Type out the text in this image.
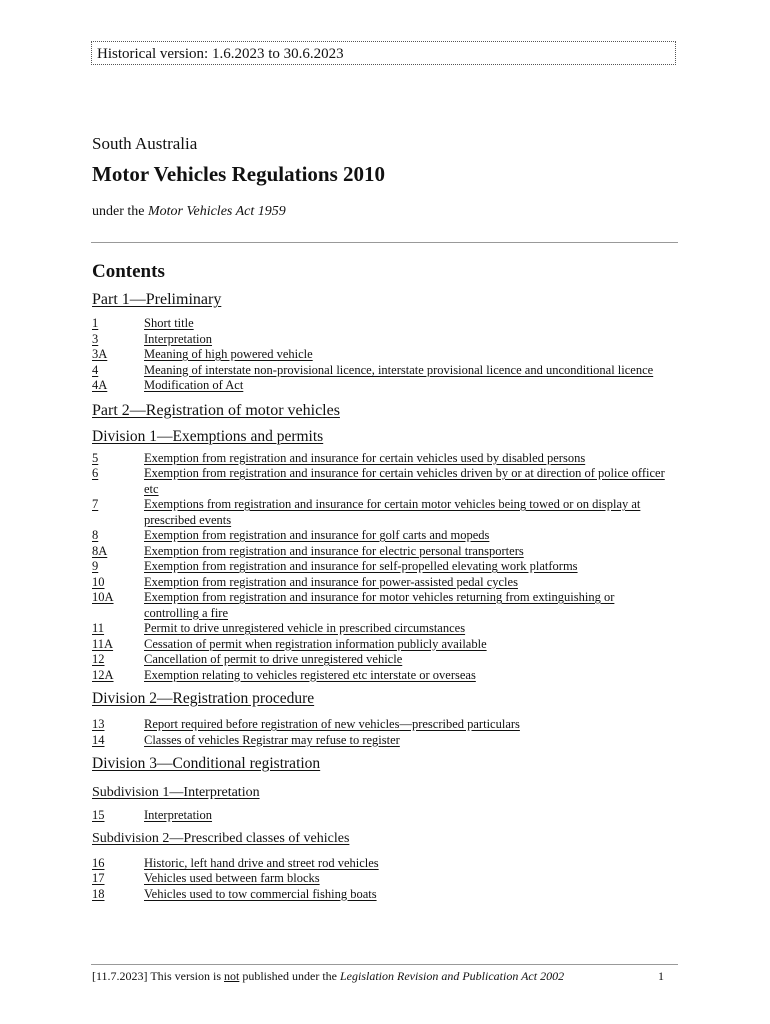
Historical version: 1.6.2023 to 30.6.2023
South Australia
Motor Vehicles Regulations 2010
under the Motor Vehicles Act 1959
Contents
Part 1—Preliminary
1	Short title
3	Interpretation
3A	Meaning of high powered vehicle
4	Meaning of interstate non-provisional licence, interstate provisional licence and unconditional licence
4A	Modification of Act
Part 2—Registration of motor vehicles
Division 1—Exemptions and permits
5	Exemption from registration and insurance for certain vehicles used by disabled persons
6	Exemption from registration and insurance for certain vehicles driven by or at direction of police officer etc
7	Exemptions from registration and insurance for certain motor vehicles being towed or on display at prescribed events
8	Exemption from registration and insurance for golf carts and mopeds
8A	Exemption from registration and insurance for electric personal transporters
9	Exemption from registration and insurance for self-propelled elevating work platforms
10	Exemption from registration and insurance for power-assisted pedal cycles
10A	Exemption from registration and insurance for motor vehicles returning from extinguishing or controlling a fire
11	Permit to drive unregistered vehicle in prescribed circumstances
11A	Cessation of permit when registration information publicly available
12	Cancellation of permit to drive unregistered vehicle
12A	Exemption relating to vehicles registered etc interstate or overseas
Division 2—Registration procedure
13	Report required before registration of new vehicles—prescribed particulars
14	Classes of vehicles Registrar may refuse to register
Division 3—Conditional registration
Subdivision 1—Interpretation
15	Interpretation
Subdivision 2—Prescribed classes of vehicles
16	Historic, left hand drive and street rod vehicles
17	Vehicles used between farm blocks
18	Vehicles used to tow commercial fishing boats
[11.7.2023] This version is not published under the Legislation Revision and Publication Act 2002	1
